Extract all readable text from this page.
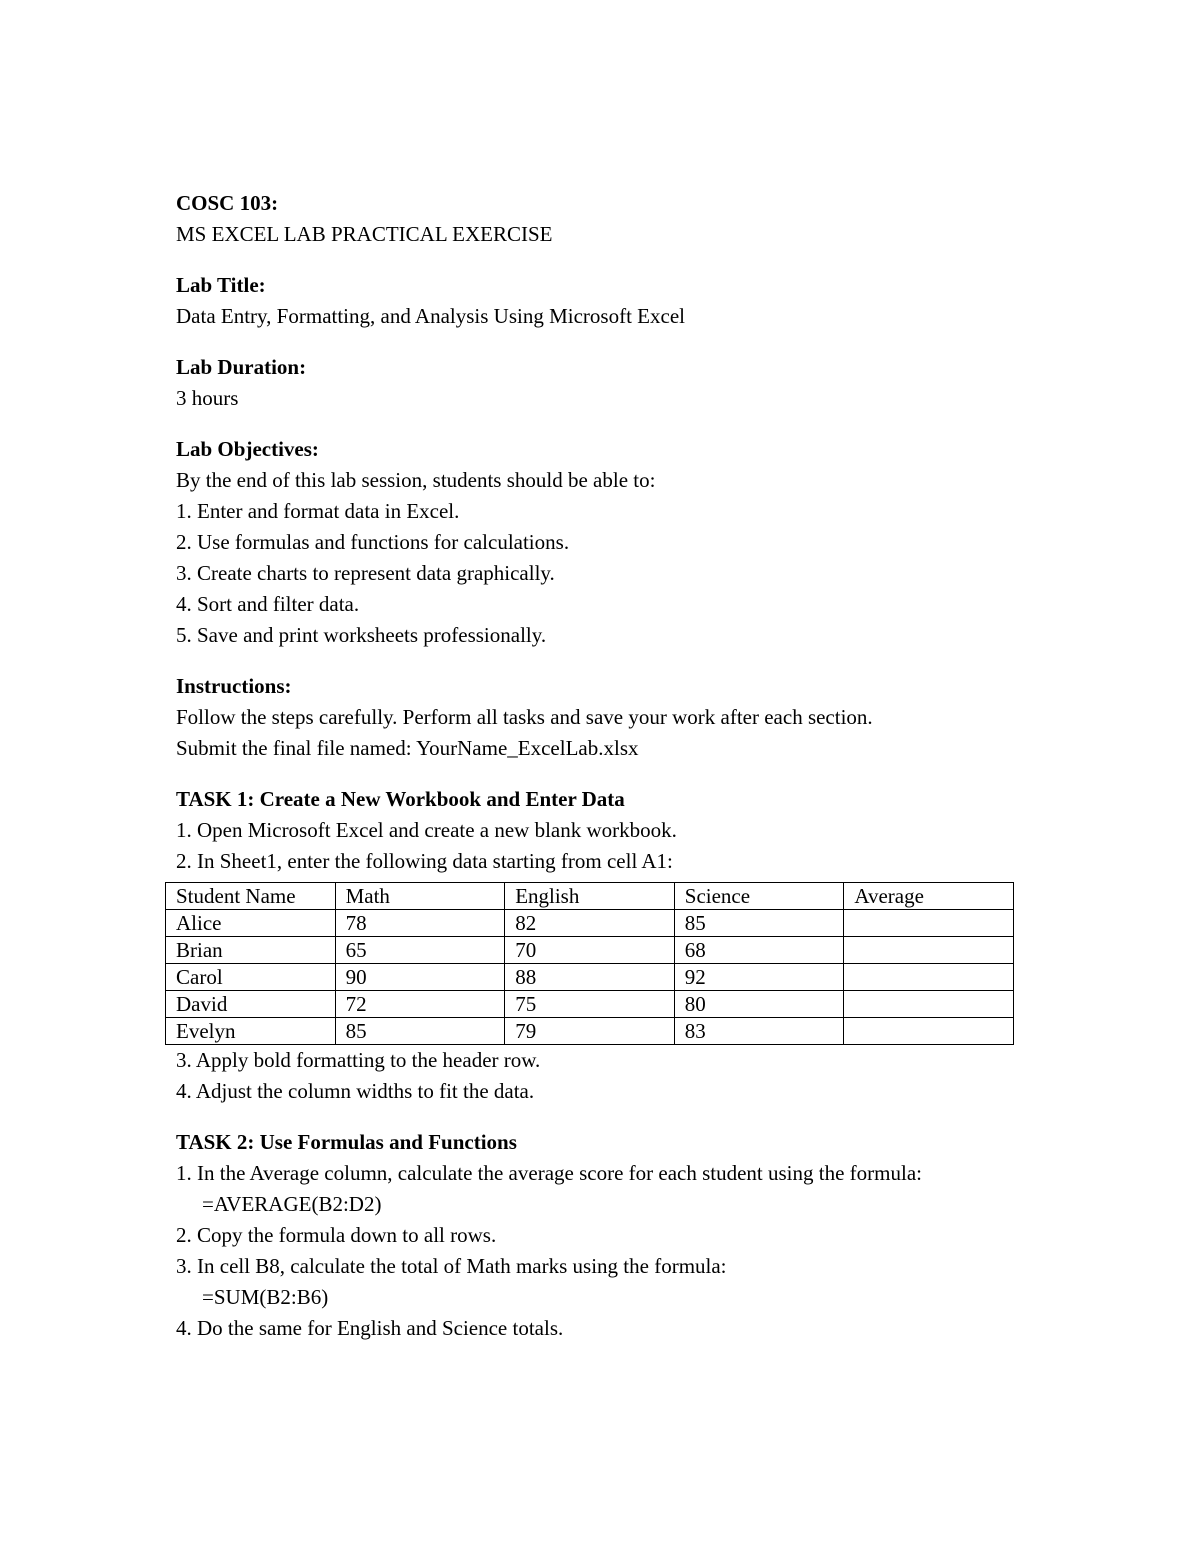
COSC 103:
MS EXCEL LAB PRACTICAL EXERCISE
Lab Title:
Data Entry, Formatting, and Analysis Using Microsoft Excel
Lab Duration:
3 hours
Lab Objectives:
By the end of this lab session, students should be able to:
1. Enter and format data in Excel.
2. Use formulas and functions for calculations.
3. Create charts to represent data graphically.
4. Sort and filter data.
5. Save and print worksheets professionally.
Instructions:
Follow the steps carefully. Perform all tasks and save your work after each section.
Submit the final file named: YourName_ExcelLab.xlsx
TASK 1: Create a New Workbook and Enter Data
1. Open Microsoft Excel and create a new blank workbook.
2. In Sheet1, enter the following data starting from cell A1:
Student Name	Math	English	Science	Average
Alice	78	82	85	
Brian	65	70	68	
Carol	90	88	92	
David	72	75	80	
Evelyn	85	79	83	
3. Apply bold formatting to the header row.
4. Adjust the column widths to fit the data.
TASK 2: Use Formulas and Functions
1. In the Average column, calculate the average score for each student using the formula:
=AVERAGE(B2:D2)
2. Copy the formula down to all rows.
3. In cell B8, calculate the total of Math marks using the formula:
=SUM(B2:B6)
4. Do the same for English and Science totals.
